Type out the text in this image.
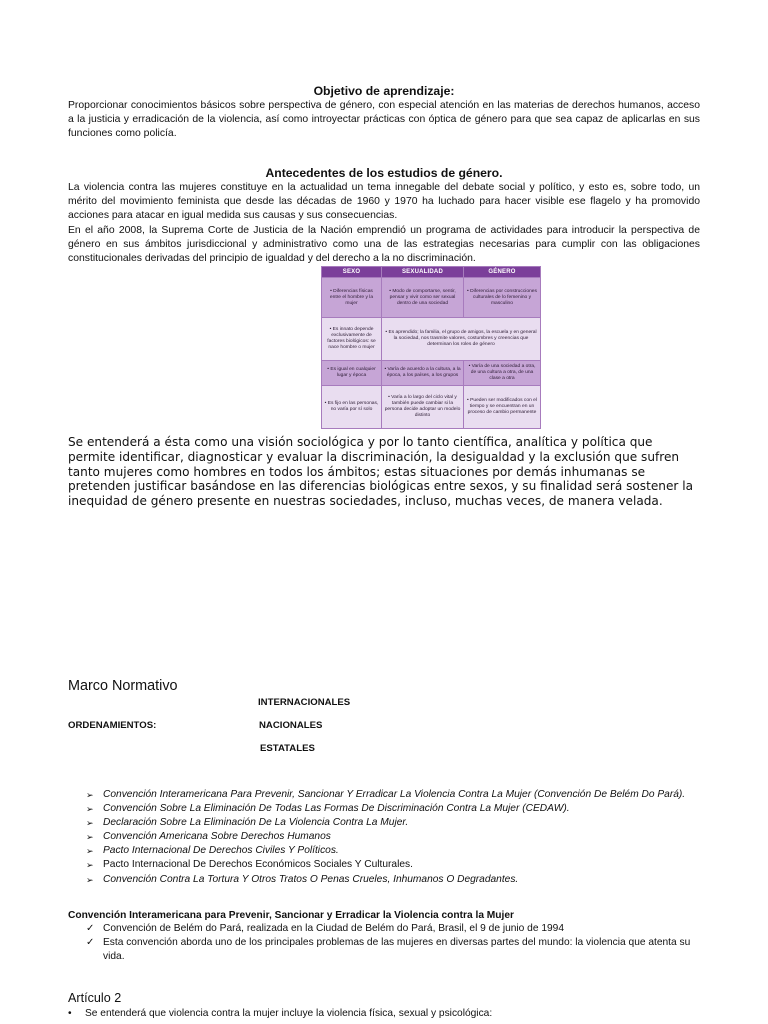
Objetivo de aprendizaje:

Proporcionar conocimientos básicos sobre perspectiva de género, con especial atención en las materias de derechos humanos, acceso a la justicia y erradicación de la violencia, así como introyectar prácticas con óptica de género para que sea capaz de aplicarlas en sus funciones como policía.

Antecedentes de los estudios de género.

La violencia contra las mujeres constituye en la actualidad un tema innegable del debate social y político, y esto es, sobre todo, un mérito del movimiento feminista que desde las décadas de 1960 y 1970 ha luchado para hacer visible ese flagelo y ha promovido acciones para atacar en igual medida sus causas y sus consecuencias.

En el año 2008, la Suprema Corte de Justicia de la Nación emprendió un programa de actividades para introducir la perspectiva de género en sus ámbitos jurisdiccional y administrativo como una de las estrategias necesarias para cumplir con las obligaciones constitucionales derivadas del principio de igualdad y del derecho a la no discriminación.

SEXO	SEXUALIDAD	GÉNERO
• Diferencias físicas entre el hombre y la mujer	• Modo de comportarse, sentir, pensar y vivir como ser sexual dentro de una sociedad	• Diferencias por construcciones culturales de lo femenino y masculino
• Es innato depende exclusivamente de factores biológicos: se nace hombre o mujer	• Es aprendido; la familia, el grupo de amigos, la escuela y en general la sociedad, nos trasmite valores, costumbres y creencias que determinan los roles de género	
• Es igual en cualquier lugar y época	• Varía de acuerdo a la cultura, a la época, a los países, a los grupos	• Varía de una sociedad a otra, de una cultura a otra, de una clase a otra
• Es fijo en las personas, no varía por sí solo	• Varía a lo largo del ciclo vital y también puede cambiar si la persona decide adoptar un modelo distinto	• Pueden ser modificados con el tiempo y se encuentran en un proceso de cambio permanente

Se entenderá a ésta como una visión sociológica y por lo tanto científica, analítica y política que permite identificar, diagnosticar y evaluar la discriminación, la desigualdad y la exclusión que sufren tanto mujeres como hombres en todos los ámbitos; estas situaciones por demás inhumanas se pretenden justificar basándose en las diferencias biológicas entre sexos, y su finalidad será sostener la inequidad de género presente en nuestras sociedades, incluso, muchas veces, de manera velada.

Marco Normativo
INTERNACIONALES
ORDENAMIENTOS:	NACIONALES
ESTATALES
➢ Convención Interamericana Para Prevenir, Sancionar Y Erradicar La Violencia Contra La Mujer (Convención De Belém Do Pará).
➢ Convención Sobre La Eliminación De Todas Las Formas De Discriminación Contra La Mujer (CEDAW).
➢ Declaración Sobre La Eliminación De La Violencia Contra La Mujer.
➢ Convención Americana Sobre Derechos Humanos
➢ Pacto Internacional De Derechos Civiles Y Políticos.
➢ Pacto Internacional De Derechos Económicos Sociales Y Culturales.
➢ Convención Contra La Tortura Y Otros Tratos O Penas Crueles, Inhumanos O Degradantes.
Convención Interamericana para Prevenir, Sancionar y Erradicar la Violencia contra la Mujer
✓ Convención de Belém do Pará, realizada en la Ciudad de Belém do Pará, Brasil, el 9 de junio de 1994
✓ Esta convención aborda uno de los principales problemas de las mujeres en diversas partes del mundo: la violencia que atenta su vida.
Artículo 2
• Se entenderá que violencia contra la mujer incluye la violencia física, sexual y psicológica:
